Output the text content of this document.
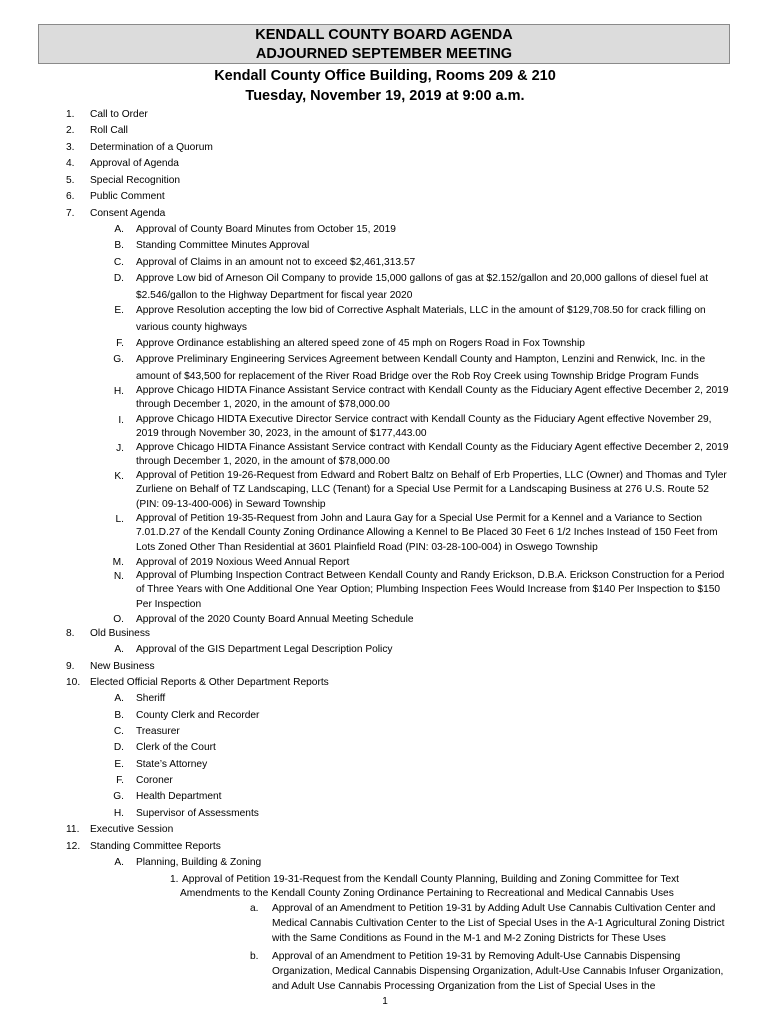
KENDALL COUNTY BOARD AGENDA
ADJOURNED SEPTEMBER MEETING
Kendall County Office Building, Rooms 209 & 210
Tuesday, November 19, 2019 at 9:00 a.m.
1. Call to Order
2. Roll Call
3. Determination of a Quorum
4. Approval of Agenda
5. Special Recognition
6. Public Comment
7. Consent Agenda
A. Approval of County Board Minutes from October 15, 2019
B. Standing Committee Minutes Approval
C. Approval of Claims in an amount not to exceed $2,461,313.57
D. Approve Low bid of Arneson Oil Company to provide 15,000 gallons of gas at $2.152/gallon and 20,000 gallons of diesel fuel at $2.546/gallon to the Highway Department for fiscal year 2020
E. Approve Resolution accepting the low bid of Corrective Asphalt Materials, LLC in the amount of $129,708.50 for crack filling on various county highways
F. Approve Ordinance establishing an altered speed zone of 45 mph on Rogers Road in Fox Township
G. Approve Preliminary Engineering Services Agreement between Kendall County and Hampton, Lenzini and Renwick, Inc. in the amount of $43,500 for replacement of the River Road Bridge over the Rob Roy Creek using Township Bridge Program Funds
H. Approve Chicago HIDTA Finance Assistant Service contract with Kendall County as the Fiduciary Agent effective December 2, 2019 through December 1, 2020, in the amount of $78,000.00
I. Approve Chicago HIDTA Executive Director Service contract with Kendall County as the Fiduciary Agent effective November 29, 2019 through November 30, 2023, in the amount of $177,443.00
J. Approve Chicago HIDTA Finance Assistant Service contract with Kendall County as the Fiduciary Agent effective December 2, 2019 through December 1, 2020, in the amount of $78,000.00
K. Approval of Petition 19-26-Request from Edward and Robert Baltz on Behalf of Erb Properties, LLC (Owner) and Thomas and Tyler Zurliene on Behalf of TZ Landscaping, LLC (Tenant) for a Special Use Permit for a Landscaping Business at 276 U.S. Route 52 (PIN: 09-13-400-006) in Seward Township
L. Approval of Petition 19-35-Request from John and Laura Gay for a Special Use Permit for a Kennel and a Variance to Section 7.01.D.27 of the Kendall County Zoning Ordinance Allowing a Kennel to Be Placed 30 Feet 6 1/2 Inches Instead of 150 Feet from Lots Zoned Other Than Residential at 3601 Plainfield Road (PIN: 03-28-100-004) in Oswego Township
M. Approval of 2019 Noxious Weed Annual Report
N. Approval of Plumbing Inspection Contract Between Kendall County and Randy Erickson, D.B.A. Erickson Construction for a Period of Three Years with One Additional One Year Option; Plumbing Inspection Fees Would Increase from $140 Per Inspection to $150 Per Inspection
O. Approval of the 2020 County Board Annual Meeting Schedule
8. Old Business
A. Approval of the GIS Department Legal Description Policy
9. New Business
10. Elected Official Reports & Other Department Reports
A. Sheriff
B. County Clerk and Recorder
C. Treasurer
D. Clerk of the Court
E. State’s Attorney
F. Coroner
G. Health Department
H. Supervisor of Assessments
11. Executive Session
12. Standing Committee Reports
A. Planning, Building & Zoning
1. Approval of Petition 19-31-Request from the Kendall County Planning, Building and Zoning Committee for Text
Amendments to the Kendall County Zoning Ordinance Pertaining to Recreational and Medical Cannabis Uses
a. Approval of an Amendment to Petition 19-31 by Adding Adult Use Cannabis Cultivation Center and Medical Cannabis Cultivation Center to the List of Special Uses in the A-1 Agricultural Zoning District with the Same Conditions as Found in the M-1 and M-2 Zoning Districts for These Uses
b. Approval of an Amendment to Petition 19-31 by Removing Adult-Use Cannabis Dispensing Organization, Medical Cannabis Dispensing Organization, Adult-Use Cannabis Infuser Organization, and Adult Use Cannabis Processing Organization from the List of Special Uses in the
1
